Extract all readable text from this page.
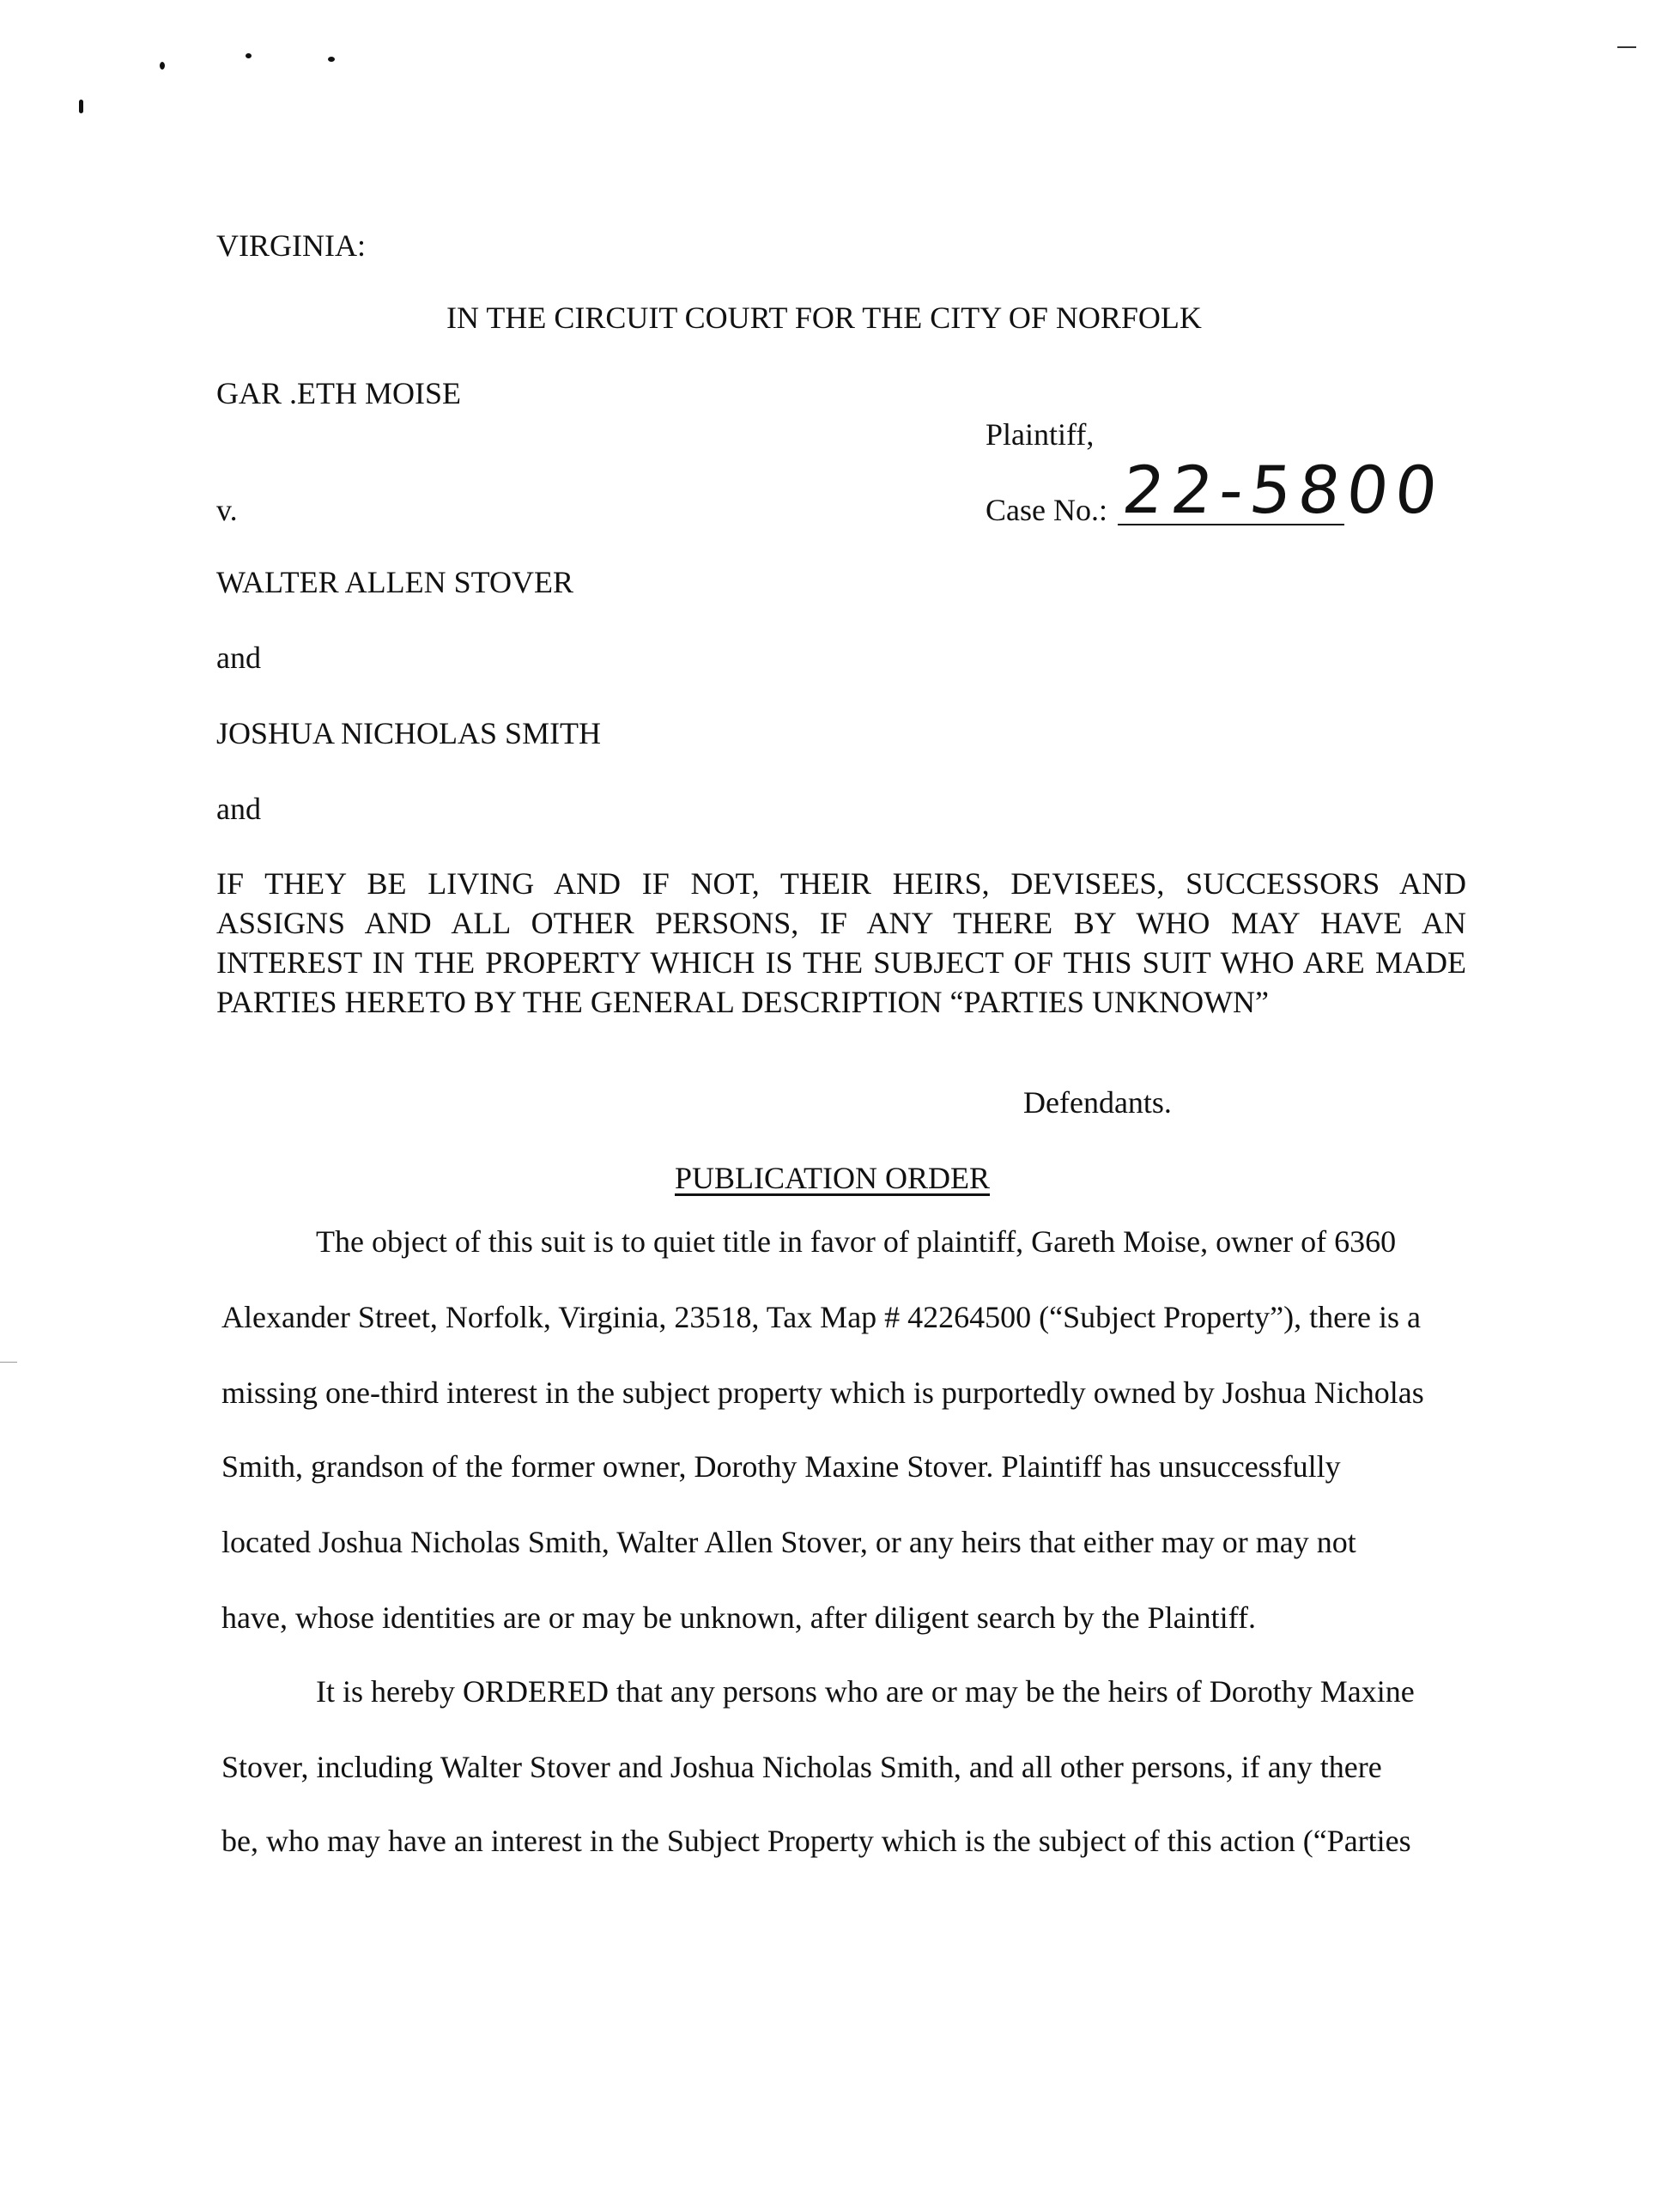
VIRGINIA:
IN THE CIRCUIT COURT FOR THE CITY OF NORFOLK
GAR .ETH MOISE
Plaintiff,
v.	Case No.: 22-5800
WALTER ALLEN STOVER
and
JOSHUA NICHOLAS SMITH
and
IF THEY BE LIVING AND IF NOT, THEIR HEIRS, DEVISEES, SUCCESSORS AND
ASSIGNS AND ALL OTHER PERSONS, IF ANY THERE BY WHO MAY HAVE AN
INTEREST IN THE PROPERTY WHICH IS THE SUBJECT OF THIS SUIT WHO ARE MADE
PARTIES HERETO BY THE GENERAL DESCRIPTION “PARTIES UNKNOWN”
Defendants.
PUBLICATION ORDER
The object of this suit is to quiet title in favor of plaintiff, Gareth Moise, owner of 6360
Alexander Street, Norfolk, Virginia, 23518, Tax Map # 42264500 (“Subject Property”), there is a
missing one-third interest in the subject property which is purportedly owned by Joshua Nicholas
Smith, grandson of the former owner, Dorothy Maxine Stover. Plaintiff has unsuccessfully
located Joshua Nicholas Smith, Walter Allen Stover, or any heirs that either may or may not
have, whose identities are or may be unknown, after diligent search by the Plaintiff.
It is hereby ORDERED that any persons who are or may be the heirs of Dorothy Maxine
Stover, including Walter Stover and Joshua Nicholas Smith, and all other persons, if any there
be, who may have an interest in the Subject Property which is the subject of this action (“Parties
